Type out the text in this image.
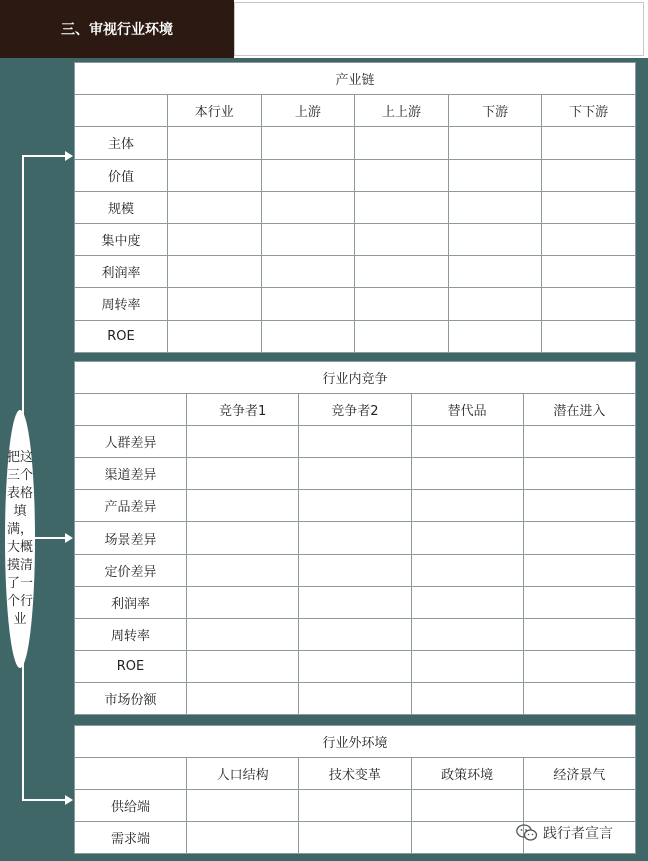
三、审视行业环境
产业链					
	本行业	上游	上上游	下游	下下游
主体					
价值					
规模					
集中度					
利润率					
周转率					
ROE					
行业内竞争				
	竞争者1	竞争者2	替代品	潜在进入
人群差异				
渠道差异				
产品差异				
场景差异				
定价差异				
利润率				
周转率				
ROE				
市场份额				
行业外环境				
	人口结构	技术变革	政策环境	经济景气
供给端				
需求端				
把这三个表格填满，大概摸清了一个行业
践行者宣言
